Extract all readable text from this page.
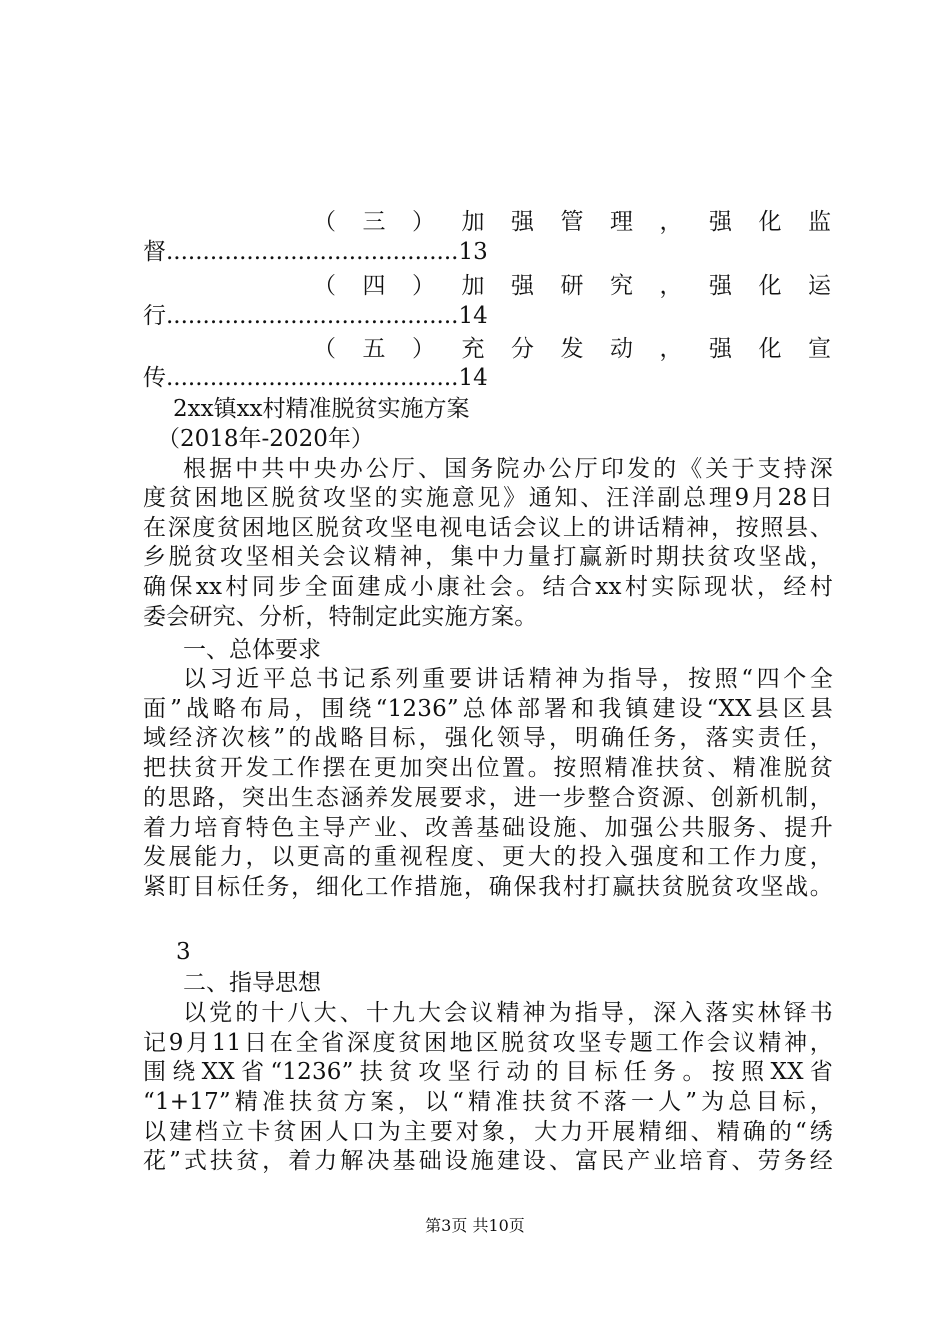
（三）加强管理，强化监
督........................................13
（四）加强研究，强化运
行........................................14
（五）充分发动，强化宣
传........................................14
2xx镇xx村精准脱贫实施方案
（2018年-2020年）
根据中共中央办公厅、国务院办公厅印发的《关于支持深
度贫困地区脱贫攻坚的实施意见》通知、汪洋副总理9月28日
在深度贫困地区脱贫攻坚电视电话会议上的讲话精神，按照县、
乡脱贫攻坚相关会议精神，集中力量打赢新时期扶贫攻坚战，
确保xx村同步全面建成小康社会。结合xx村实际现状，经村
委会研究、分析，特制定此实施方案。
一、总体要求
以习近平总书记系列重要讲话精神为指导，按照“四个全
面”战略布局，围绕“1236”总体部署和我镇建设“XX县区县
域经济次核”的战略目标，强化领导，明确任务，落实责任，
把扶贫开发工作摆在更加突出位置。按照精准扶贫、精准脱贫
的思路，突出生态涵养发展要求，进一步整合资源、创新机制，
着力培育特色主导产业、改善基础设施、加强公共服务、提升
发展能力，以更高的重视程度、更大的投入强度和工作力度，
紧盯目标任务，细化工作措施，确保我村打赢扶贫脱贫攻坚战。
3
二、指导思想
以党的十八大、十九大会议精神为指导，深入落实林铎书
记9月11日在全省深度贫困地区脱贫攻坚专题工作会议精神，
围绕XX省“1236”扶贫攻坚行动的目标任务。按照XX省
“1+17”精准扶贫方案，以“精准扶贫不落一人”为总目标，
以建档立卡贫困人口为主要对象，大力开展精细、精确的“绣
花”式扶贫，着力解决基础设施建设、富民产业培育、劳务经
第3页 共10页
